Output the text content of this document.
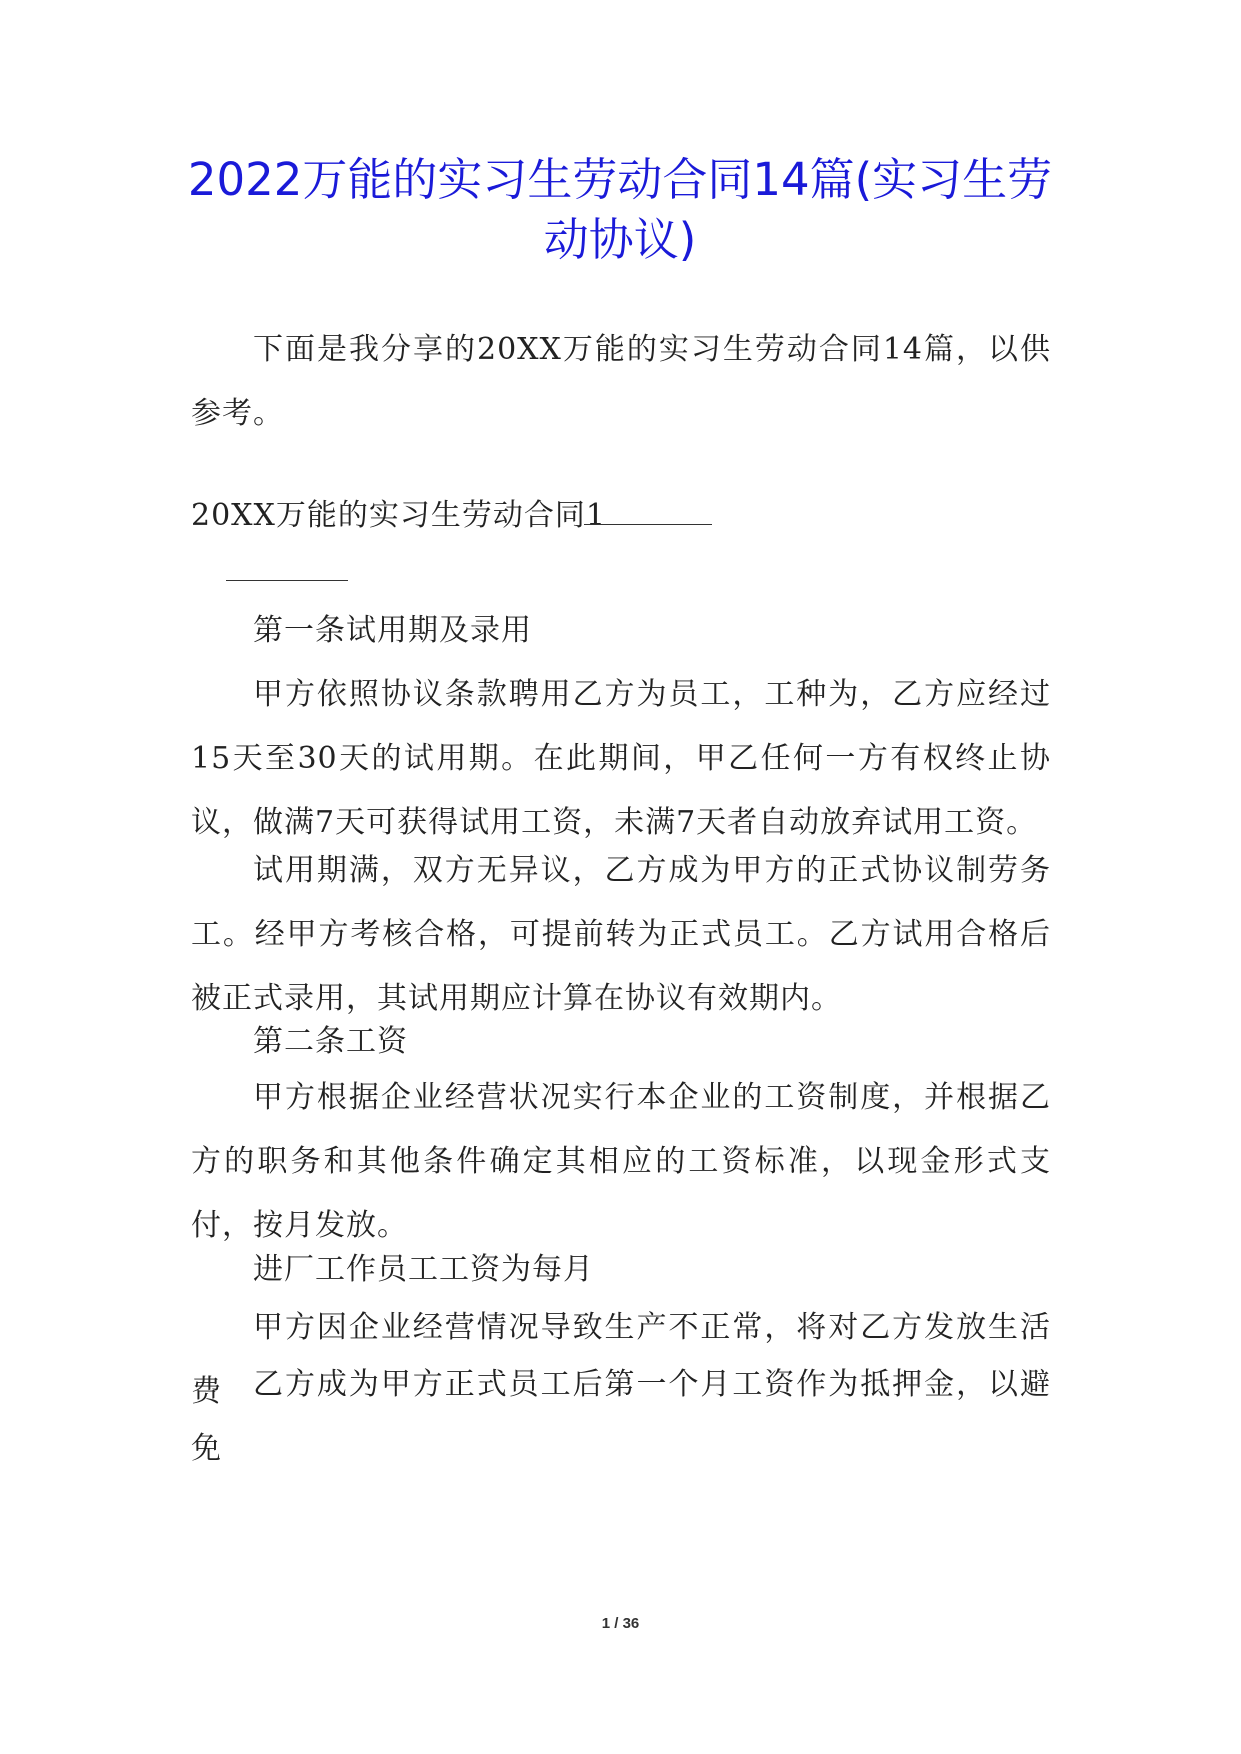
2022万能的实习生劳动合同14篇(实习生劳动协议)

下面是我分享的20XX万能的实习生劳动合同14篇，以供参考。

20XX万能的实习生劳动合同1

第一条试用期及录用

甲方依照协议条款聘用乙方为员工，工种为，乙方应经过15天至30天的试用期。在此期间，甲乙任何一方有权终止协议，做满7天可获得试用工资，未满7天者自动放弃试用工资。

试用期满，双方无异议，乙方成为甲方的正式协议制劳务工。经甲方考核合格，可提前转为正式员工。乙方试用合格后被正式录用，其试用期应计算在协议有效期内。

第二条工资

甲方根据企业经营状况实行本企业的工资制度，并根据乙方的职务和其他条件确定其相应的工资标准，以现金形式支付，按月发放。

进厂工作员工工资为每月

甲方因企业经营情况导致生产不正常，将对乙方发放生活费	乙方成为甲方正式员工后第一个月工资作为抵押金，以避免

1 / 36
